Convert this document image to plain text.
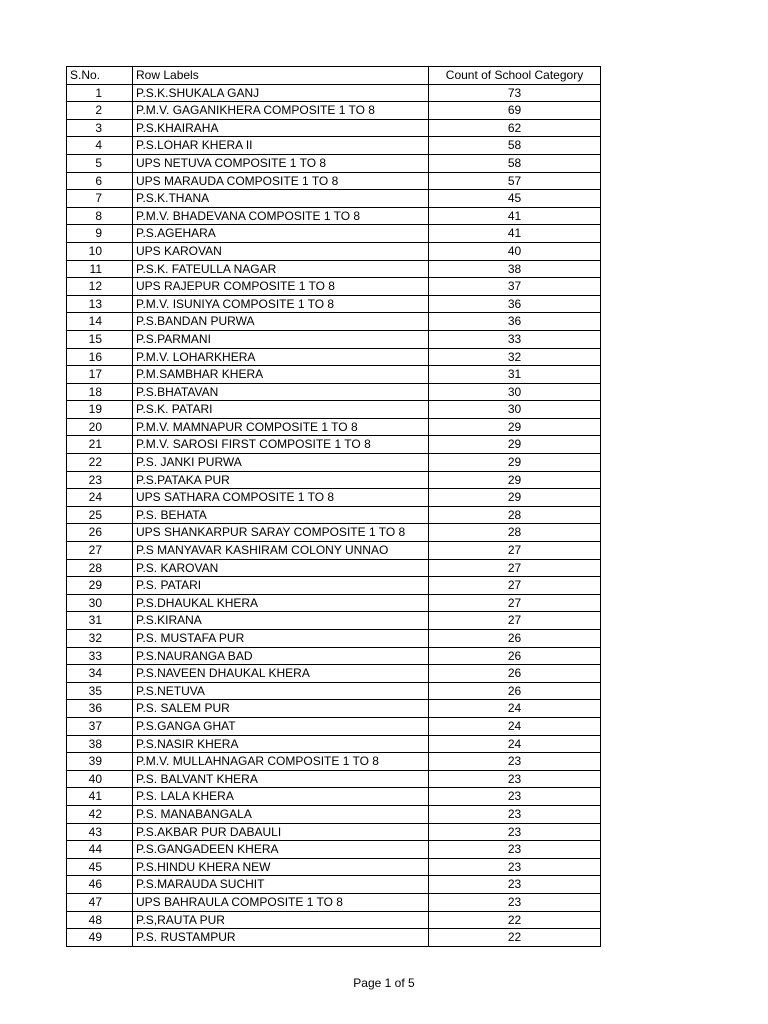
S.No.	Row Labels	Count of School Category
1	P.S.K.SHUKALA GANJ	73
2	P.M.V. GAGANIKHERA COMPOSITE 1 TO 8	69
3	P.S.KHAIRAHA	62
4	P.S.LOHAR KHERA II	58
5	UPS NETUVA COMPOSITE 1 TO 8	58
6	UPS MARAUDA COMPOSITE 1 TO 8	57
7	P.S.K.THANA	45
8	P.M.V. BHADEVANA COMPOSITE 1 TO 8	41
9	P.S.AGEHARA	41
10	UPS KAROVAN	40
11	P.S.K. FATEULLA NAGAR	38
12	UPS RAJEPUR COMPOSITE 1 TO 8	37
13	P.M.V. ISUNIYA COMPOSITE 1 TO 8	36
14	P.S.BANDAN PURWA	36
15	P.S.PARMANI	33
16	P.M.V. LOHARKHERA	32
17	P.M.SAMBHAR KHERA	31
18	P.S.BHATAVAN	30
19	P.S.K. PATARI	30
20	P.M.V. MAMNAPUR COMPOSITE 1 TO 8	29
21	P.M.V. SAROSI FIRST COMPOSITE 1 TO 8	29
22	P.S. JANKI PURWA	29
23	P.S.PATAKA PUR	29
24	UPS SATHARA COMPOSITE 1 TO 8	29
25	P.S. BEHATA	28
26	UPS SHANKARPUR SARAY COMPOSITE 1 TO 8	28
27	P.S MANYAVAR KASHIRAM COLONY UNNAO	27
28	P.S. KAROVAN	27
29	P.S. PATARI	27
30	P.S.DHAUKAL KHERA	27
31	P.S.KIRANA	27
32	P.S. MUSTAFA PUR	26
33	P.S.NAURANGA BAD	26
34	P.S.NAVEEN DHAUKAL KHERA	26
35	P.S.NETUVA	26
36	P.S. SALEM PUR	24
37	P.S.GANGA GHAT	24
38	P.S.NASIR KHERA	24
39	P.M.V. MULLAHNAGAR COMPOSITE 1 TO 8	23
40	P.S. BALVANT KHERA	23
41	P.S. LALA KHERA	23
42	P.S. MANABANGALA	23
43	P.S.AKBAR PUR DABAULI	23
44	P.S.GANGADEEN KHERA	23
45	P.S.HINDU KHERA NEW	23
46	P.S.MARAUDA SUCHIT	23
47	UPS BAHRAULA COMPOSITE 1 TO 8	23
48	P.S,RAUTA PUR	22
49	P.S. RUSTAMPUR	22
Page 1 of 5
